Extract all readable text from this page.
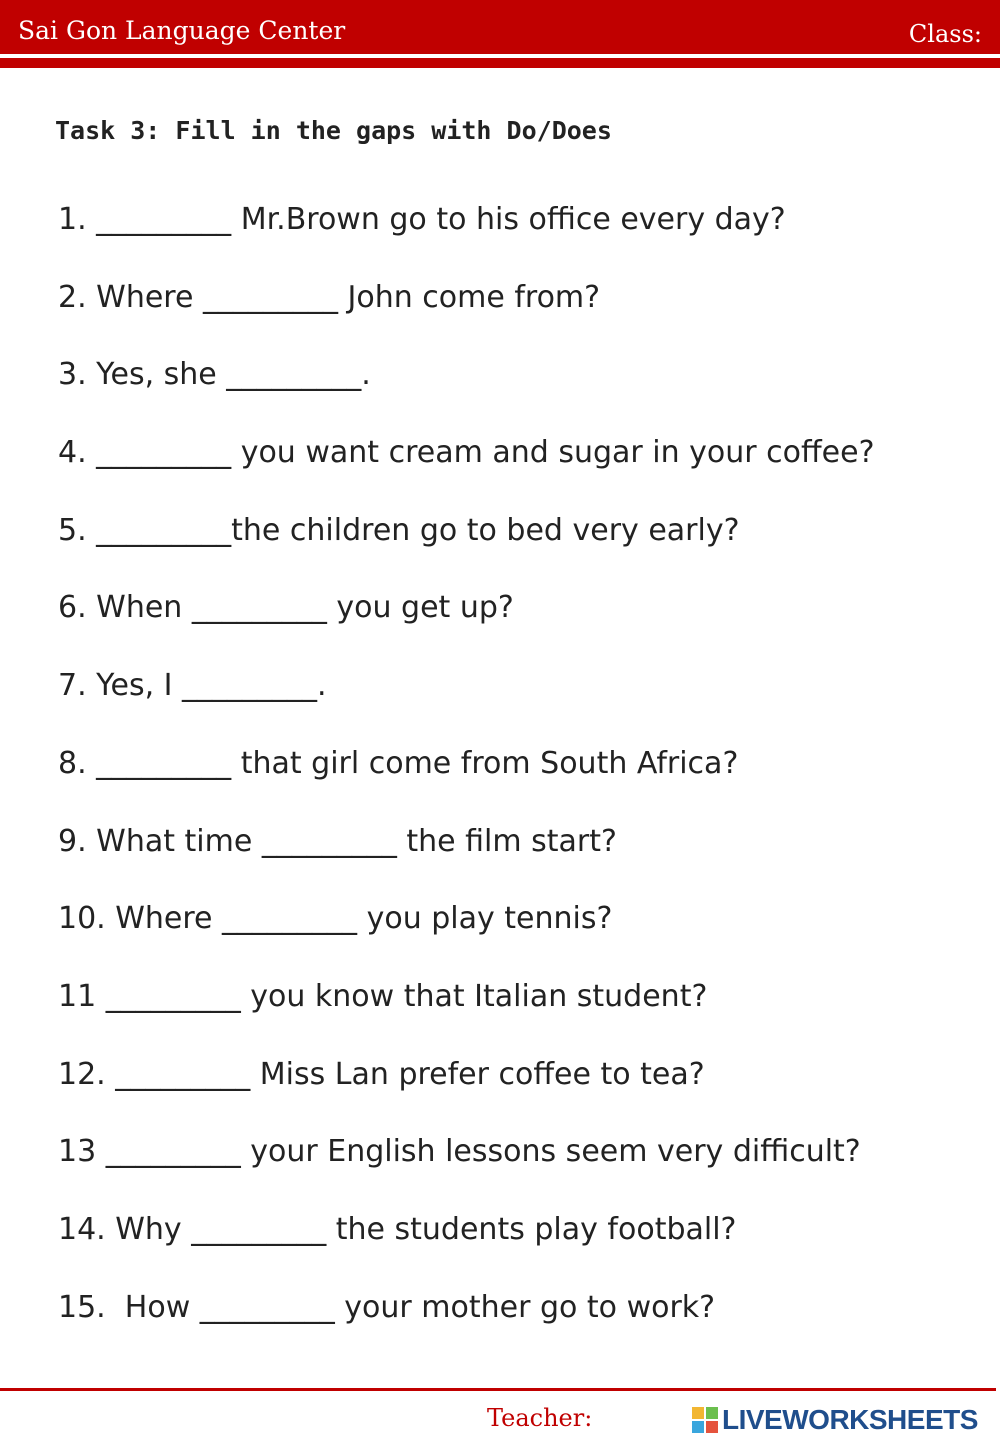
Sai Gon Language Center	Class:
Task 3: Fill in the gaps with Do/Does
1. _________ Mr.Brown go to his office every day?
2. Where _________ John come from?
3. Yes, she _________.
4. _________ you want cream and sugar in your coffee?
5. _________the children go to bed very early?
6. When _________ you get up?
7. Yes, I _________.
8. _________ that girl come from South Africa?
9. What time _________ the film start?
10. Where _________ you play tennis?
11 _________ you know that Italian student?
12. _________ Miss Lan prefer coffee to tea?
13 _________ your English lessons seem very difficult?
14. Why _________ the students play football?
15.  How _________ your mother go to work?
Teacher:	LIVEWORKSHEETS
